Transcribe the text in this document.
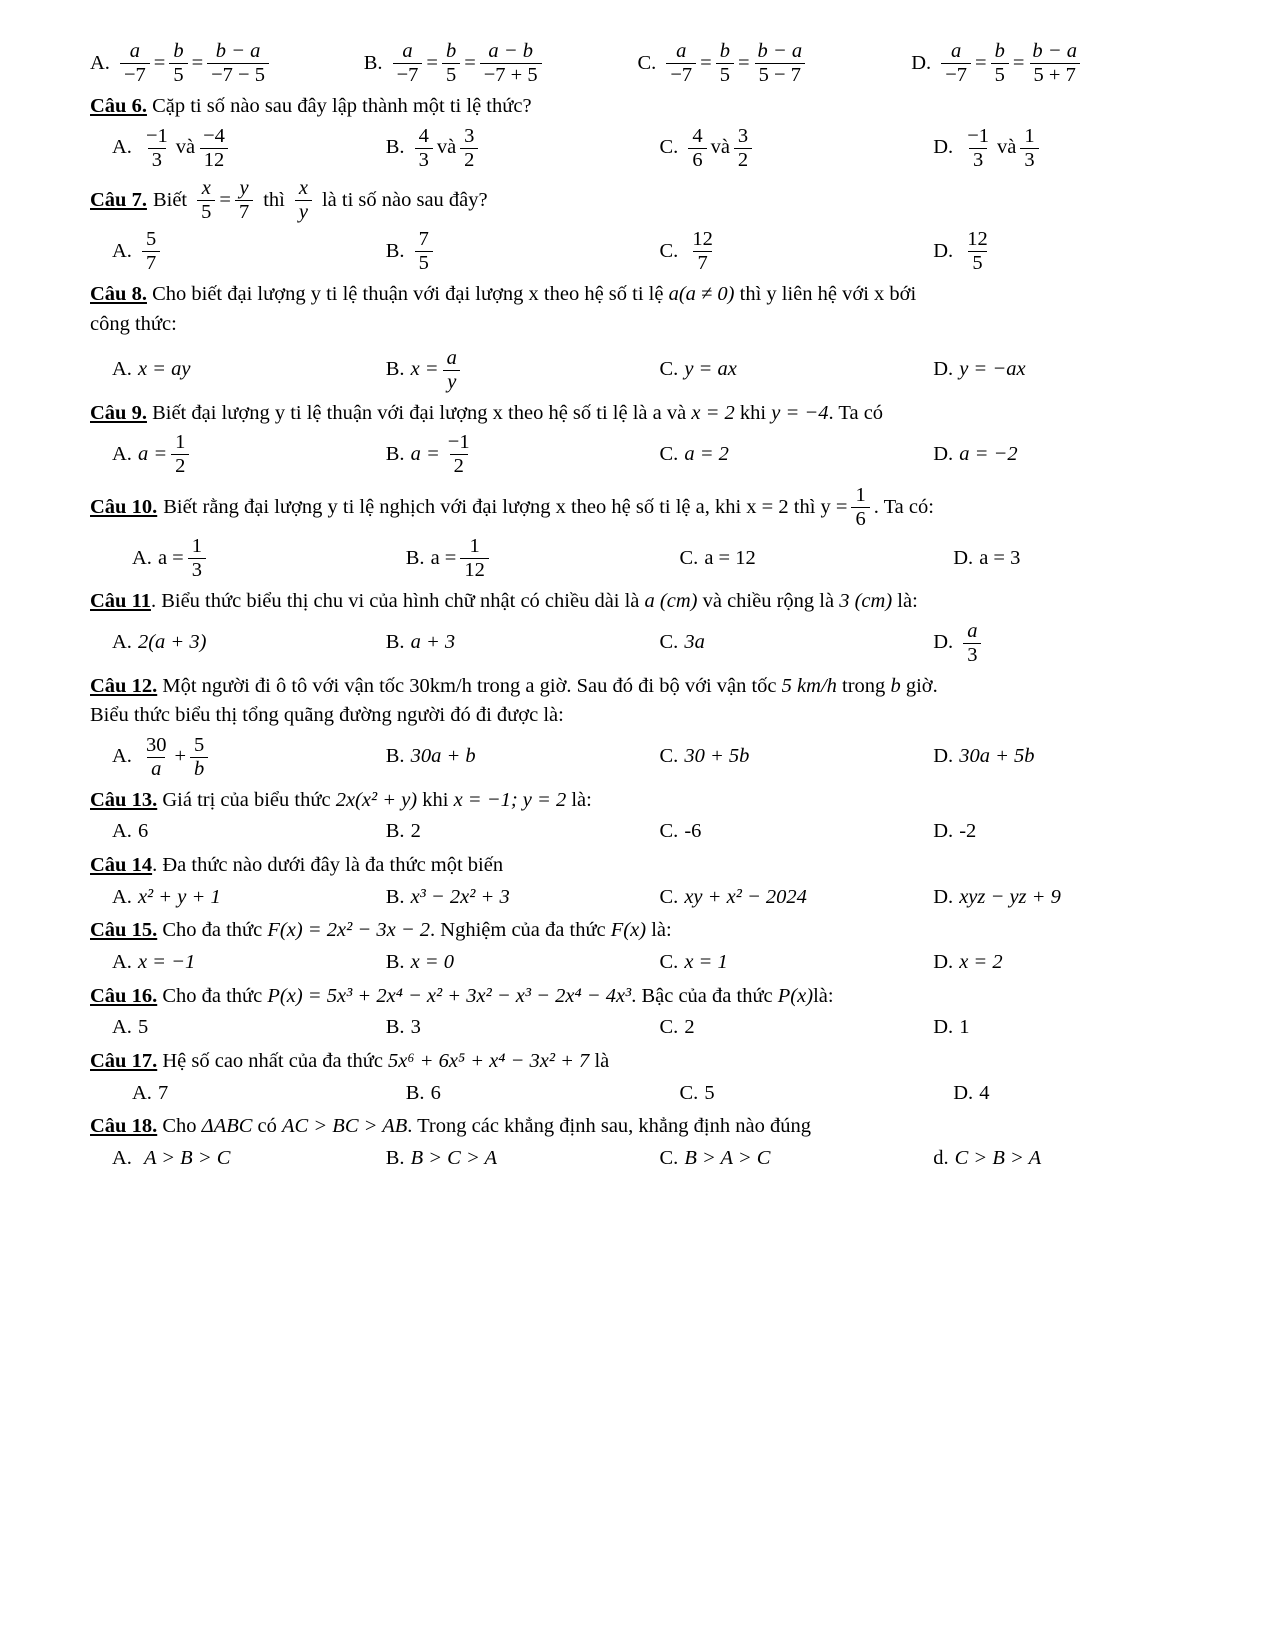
A. $\frac{a}{-7} = \frac{b}{5} = \frac{b - a}{-7 - 5}$	B. $\frac{a}{-7} = \frac{b}{5} = \frac{a - b}{-7 + 5}$	C. $\frac{a}{-7} = \frac{b}{5} = \frac{b - a}{5 - 7}$	D. $\frac{a}{-7} = \frac{b}{5} = \frac{b - a}{5 + 7}$
Câu 6. Cặp ti số nào sau đây lập thành một ti lệ thức?
A. $\frac{-1}{3}$ và $\frac{-4}{12}$	B. $\frac{4}{3}$ và $\frac{3}{2}$	C. $\frac{4}{6}$ và $\frac{3}{2}$	D. $\frac{-1}{3}$ và $\frac{1}{3}$
Câu 7. Biết $\frac{x}{5} = \frac{y}{7}$ thì $\frac{x}{y}$ là ti số nào sau đây?
A. $\frac{5}{7}$	B. $\frac{7}{5}$	C. $\frac{12}{7}$	D. $\frac{12}{5}$
Câu 8. Cho biết đại lượng y ti lệ thuận với đại lượng x theo hệ số ti lệ a(a ≠ 0) thì y liên hệ với x bới
công thức:
A. x = ay	B. $x = \frac{a}{y}$	C. y = ax	D. y = −ax
Câu 9. Biết đại lượng y ti lệ thuận với đại lượng x theo hệ số ti lệ là a và x = 2 khi y = −4. Ta có
A. $a = \frac{1}{2}$	B. $a = \frac{-1}{2}$	C. a = 2	D. a = −2
Câu 10. Biết rằng đại lượng y ti lệ nghịch với đại lượng x theo hệ số ti lệ a, khi x = 2 thì $y = \frac{1}{6}$ . Ta có:
A. $a = \frac{1}{3}$	B. $a = \frac{1}{12}$	C. a = 12	D. a = 3
Câu 11. Biểu thức biểu thị chu vi của hình chữ nhật có chiều dài là a (cm) và chiều rộng là 3 (cm) là:
A. 2(a + 3)	B. a + 3	C. 3a	D. $\frac{a}{3}$
Câu 12. Một người đi ô tô với vận tốc 30km/h trong a giờ. Sau đó đi bộ với vận tốc 5 km/h trong b giờ.
Biểu thức biểu thị tổng quãng đường người đó đi được là:
A. $\frac{30}{a} + \frac{5}{b}$	B. 30a + b	C. 30 + 5b	D. 30a + 5b
Câu 13. Giá trị của biểu thức 2x(x² + y) khi x = −1; y = 2 là:
A. 6	B. 2	C. -6	D. -2
Câu 14. Đa thức nào dưới đây là đa thức một biến
A. x² + y + 1	B. x³ − 2x² + 3	C. xy + x² − 2024	D. xyz − yz + 9
Câu 15. Cho đa thức F(x) = 2x² − 3x − 2. Nghiệm của đa thức F(x) là:
A. x = −1	B. x = 0	C. x = 1	D. x = 2
Câu 16. Cho đa thức P(x) = 5x³ + 2x⁴ − x² + 3x² − x³ − 2x⁴ − 4x³. Bậc của đa thức P(x)là:
A. 5	B. 3	C. 2	D. 1
Câu 17. Hệ số cao nhất của đa thức 5x⁶ + 6x⁵ + x⁴ − 3x² + 7 là
A. 7	B. 6	C. 5	D. 4
Câu 18. Cho ΔABC có AC > BC > AB. Trong các khẳng định sau, khẳng định nào đúng
A. A > B > C	B. B > C > A	C. B > A > C	d. C > B > A
